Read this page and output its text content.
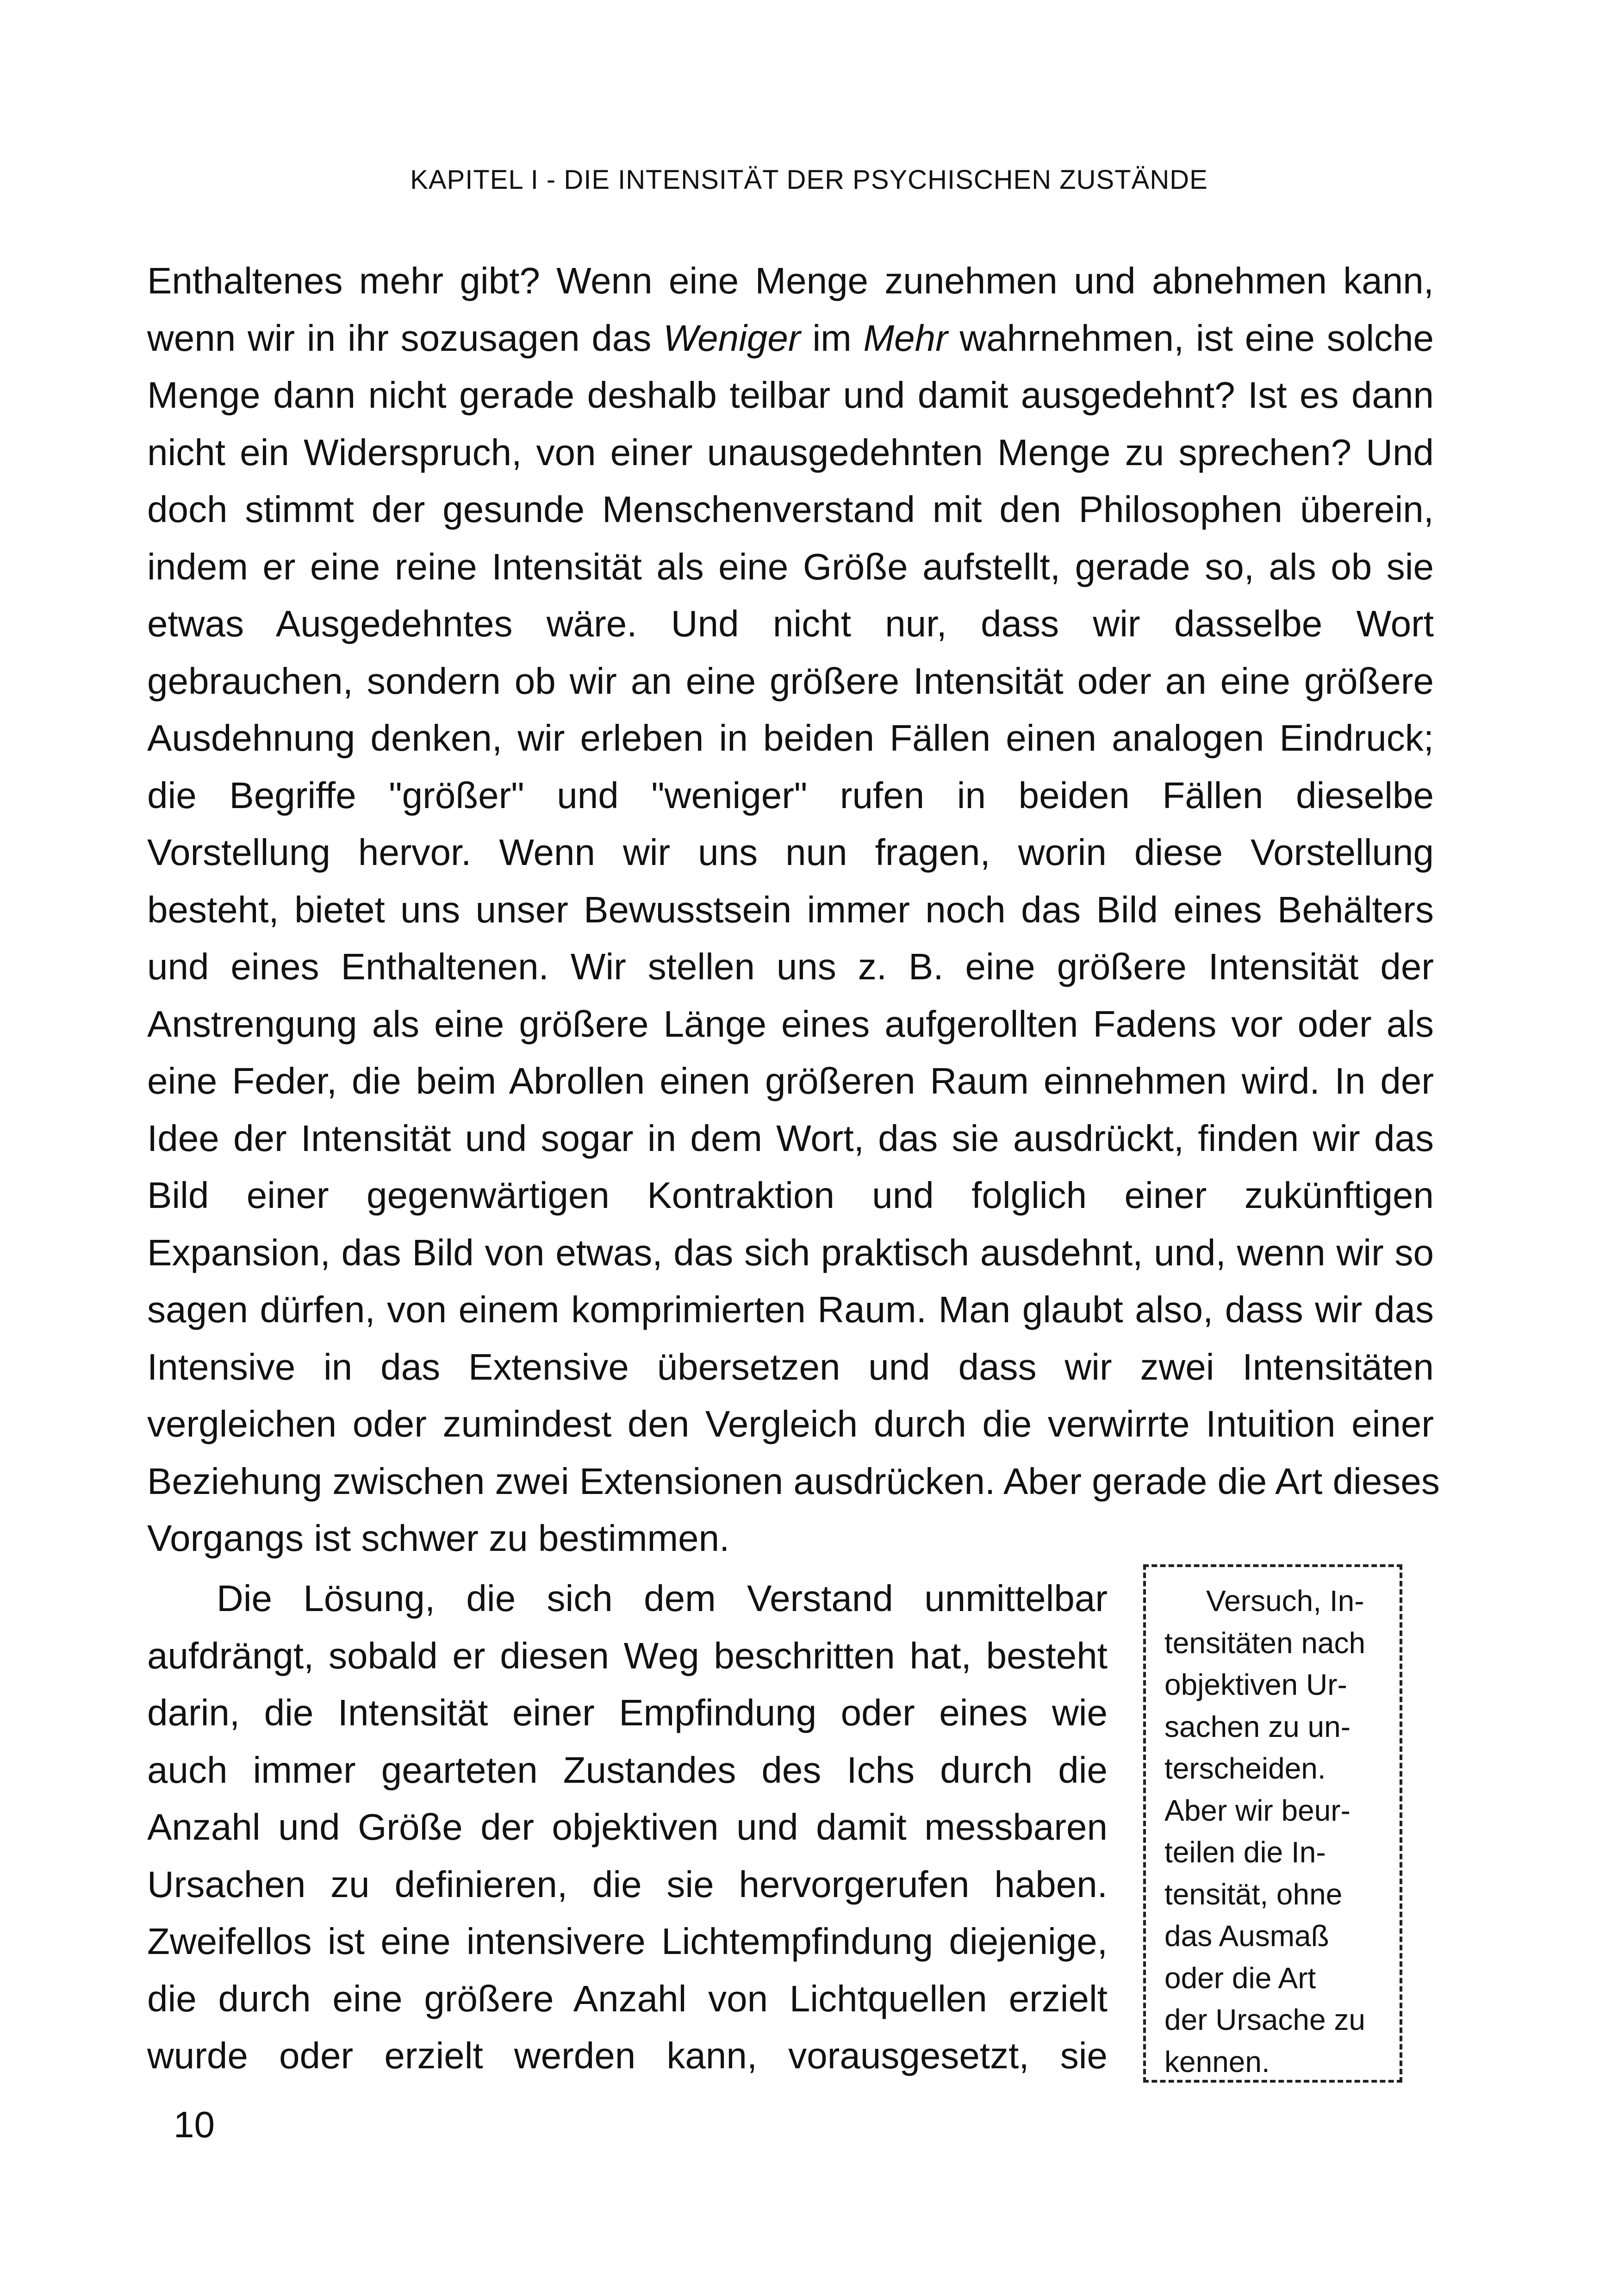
KAPITEL I - DIE INTENSITÄT DER PSYCHISCHEN ZUSTÄNDE
Enthaltenes mehr gibt? Wenn eine Menge zunehmen und abnehmen kann,
wenn wir in ihr sozusagen das Weniger im Mehr wahrnehmen, ist eine solche
Menge dann nicht gerade deshalb teilbar und damit ausgedehnt? Ist es dann
nicht ein Widerspruch, von einer unausgedehnten Menge zu sprechen? Und
doch stimmt der gesunde Menschenverstand mit den Philosophen überein,
indem er eine reine Intensität als eine Größe aufstellt, gerade so, als ob sie
etwas Ausgedehntes wäre. Und nicht nur, dass wir dasselbe Wort
gebrauchen, sondern ob wir an eine größere Intensität oder an eine größere
Ausdehnung denken, wir erleben in beiden Fällen einen analogen Eindruck;
die Begriffe "größer" und "weniger" rufen in beiden Fällen dieselbe
Vorstellung hervor. Wenn wir uns nun fragen, worin diese Vorstellung
besteht, bietet uns unser Bewusstsein immer noch das Bild eines Behälters
und eines Enthaltenen. Wir stellen uns z. B. eine größere Intensität der
Anstrengung als eine größere Länge eines aufgerollten Fadens vor oder als
eine Feder, die beim Abrollen einen größeren Raum einnehmen wird. In der
Idee der Intensität und sogar in dem Wort, das sie ausdrückt, finden wir das
Bild einer gegenwärtigen Kontraktion und folglich einer zukünftigen
Expansion, das Bild von etwas, das sich praktisch ausdehnt, und, wenn wir so
sagen dürfen, von einem komprimierten Raum. Man glaubt also, dass wir das
Intensive in das Extensive übersetzen und dass wir zwei Intensitäten
vergleichen oder zumindest den Vergleich durch die verwirrte Intuition einer
Beziehung zwischen zwei Extensionen ausdrücken. Aber gerade die Art dieses
Vorgangs ist schwer zu bestimmen.
Die Lösung, die sich dem Verstand unmittelbar
aufdrängt, sobald er diesen Weg beschritten hat, besteht
darin, die Intensität einer Empfindung oder eines wie
auch immer gearteten Zustandes des Ichs durch die
Anzahl und Größe der objektiven und damit messbaren
Ursachen zu definieren, die sie hervorgerufen haben.
Zweifellos ist eine intensivere Lichtempfindung diejenige,
die durch eine größere Anzahl von Lichtquellen erzielt
wurde oder erzielt werden kann, vorausgesetzt, sie
Versuch, In-
tensitäten nach
objektiven Ur-
sachen zu un-
terscheiden.
Aber wir beur-
teilen die In-
tensität, ohne
das Ausmaß
oder die Art
der Ursache zu
kennen.
10
